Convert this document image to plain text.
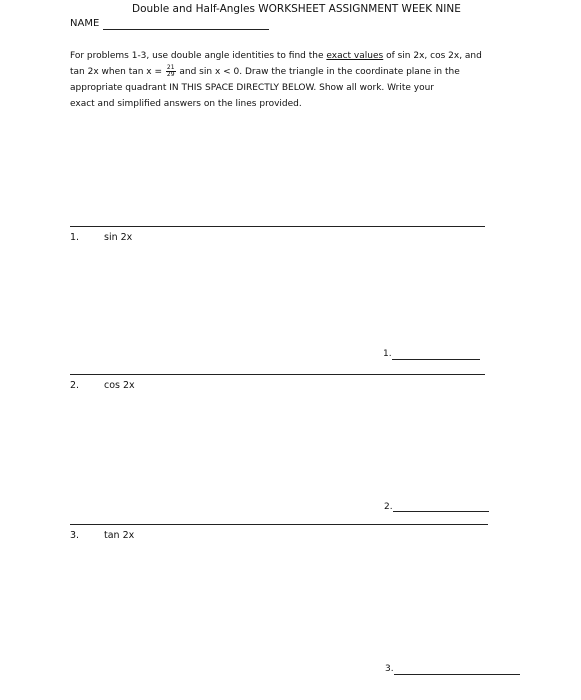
Double and Half-Angles WORKSHEET ASSIGNMENT WEEK NINE
NAME
For problems 1-3, use double angle identities to find the exact values of sin 2x, cos 2x, and
tan 2x when $\tan x = \frac{21}{29}$ and sin x < 0. Draw the triangle in the coordinate plane in the
appropriate quadrant IN THIS SPACE DIRECTLY BELOW. Show all work. Write your
exact and simplified answers on the lines provided.
1.	sin 2x
1.
2.	cos 2x
2.
3.	tan 2x
3.
